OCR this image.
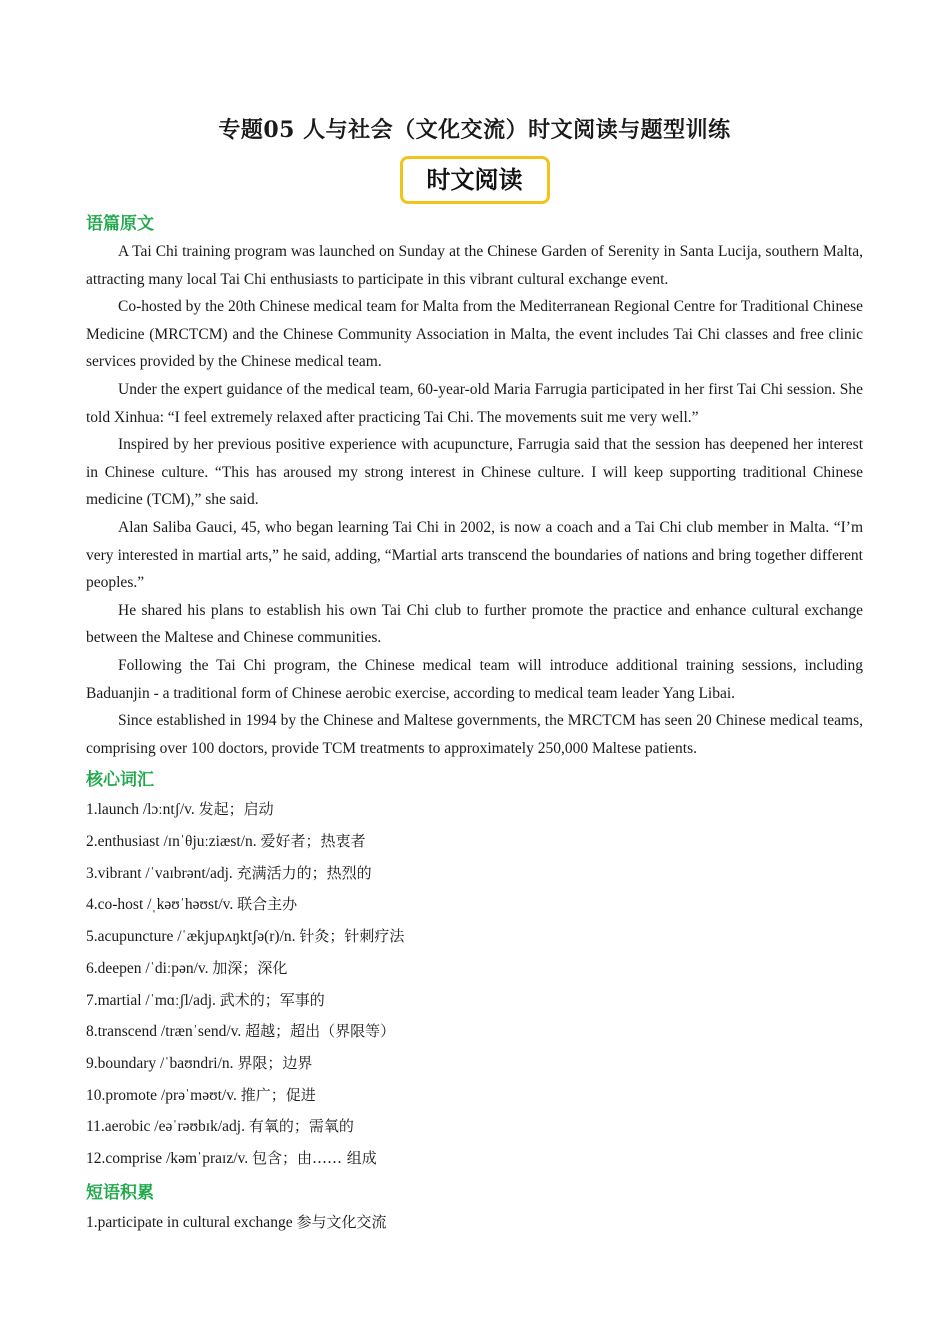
专题05 人与社会（文化交流）时文阅读与题型训练
时文阅读
语篇原文

A Tai Chi training program was launched on Sunday at the Chinese Garden of Serenity in Santa Lucija, southern Malta, attracting many local Tai Chi enthusiasts to participate in this vibrant cultural exchange event.

Co-hosted by the 20th Chinese medical team for Malta from the Mediterranean Regional Centre for Traditional Chinese Medicine (MRCTCM) and the Chinese Community Association in Malta, the event includes Tai Chi classes and free clinic services provided by the Chinese medical team.

Under the expert guidance of the medical team, 60-year-old Maria Farrugia participated in her first Tai Chi session. She told Xinhua: “I feel extremely relaxed after practicing Tai Chi. The movements suit me very well.”

Inspired by her previous positive experience with acupuncture, Farrugia said that the session has deepened her interest in Chinese culture. “This has aroused my strong interest in Chinese culture. I will keep supporting traditional Chinese medicine (TCM),” she said.

Alan Saliba Gauci, 45, who began learning Tai Chi in 2002, is now a coach and a Tai Chi club member in Malta. “I’m very interested in martial arts,” he said, adding, “Martial arts transcend the boundaries of nations and bring together different peoples.”

He shared his plans to establish his own Tai Chi club to further promote the practice and enhance cultural exchange between the Maltese and Chinese communities.

Following the Tai Chi program, the Chinese medical team will introduce additional training sessions, including Baduanjin - a traditional form of Chinese aerobic exercise, according to medical team leader Yang Libai.

Since established in 1994 by the Chinese and Maltese governments, the MRCTCM has seen 20 Chinese medical teams, comprising over 100 doctors, provide TCM treatments to approximately 250,000 Maltese patients.

核心词汇

1.launch /lɔːntʃ/v. 发起；启动

2.enthusiast /ɪnˈθjuːziæst/n. 爱好者；热衷者

3.vibrant /ˈvaɪbrənt/adj. 充满活力的；热烈的

4.co-host /ˌkəʊˈhəʊst/v. 联合主办

5.acupuncture /ˈækjupʌŋktʃə(r)/n. 针灸；针刺疗法

6.deepen /ˈdiːpən/v. 加深；深化

7.martial /ˈmɑːʃl/adj. 武术的；军事的

8.transcend /trænˈsend/v. 超越；超出（界限等）

9.boundary /ˈbaʊndri/n. 界限；边界

10.promote /prəˈməʊt/v. 推广；促进

11.aerobic /eəˈrəʊbɪk/adj. 有氧的；需氧的

12.comprise /kəmˈpraɪz/v. 包含；由…… 组成

短语积累

1.participate in cultural exchange 参与文化交流
